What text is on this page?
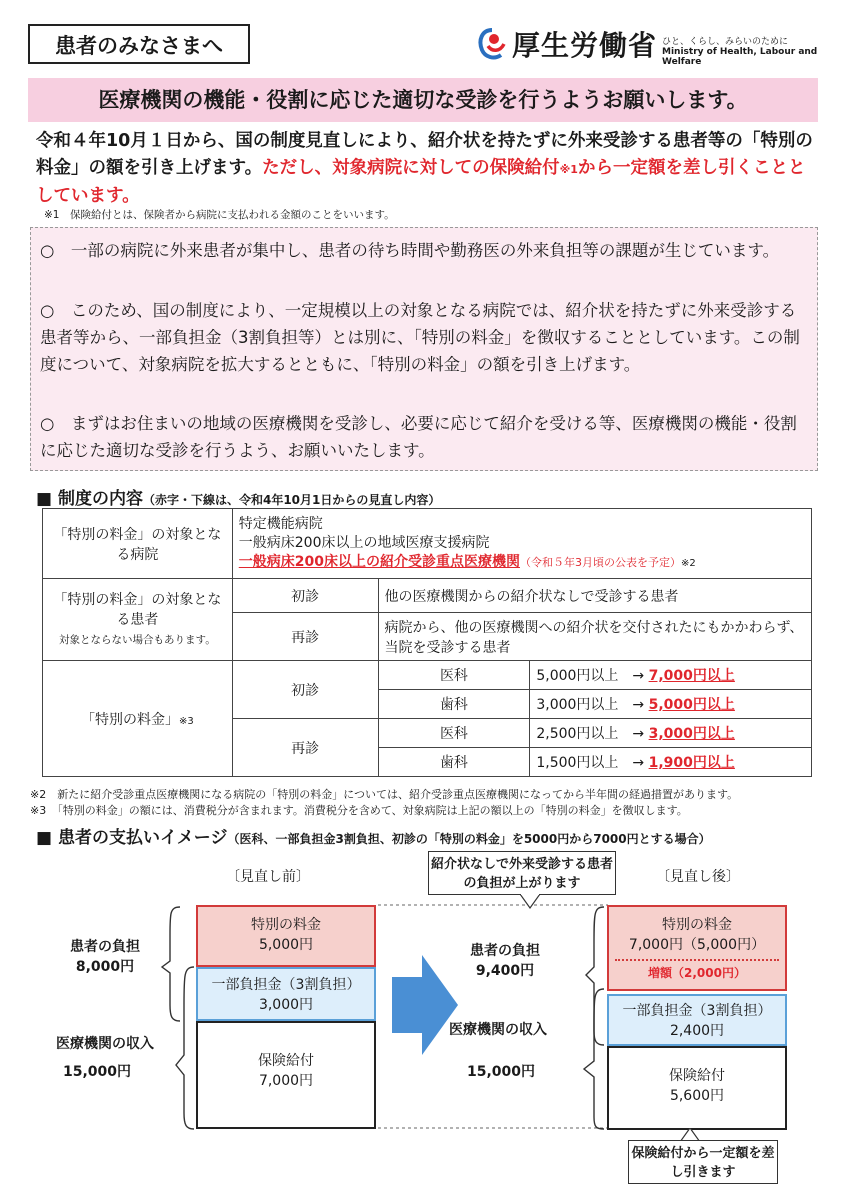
患者のみなさまへ	厚生労働省 ひと、くらし、みらいのために
Ministry of Health, Labour and Welfare
医療機関の機能・役割に応じた適切な受診を行うようお願いします。
令和４年10月１日から、国の制度見直しにより、紹介状を持たずに外来受診する患者等の「特別の料金」の額を引き上げます。ただし、対象病院に対しての保険給付※1から一定額を差し引くこととしています。
※1　保険給付とは、保険者から病院に支払われる金額のことをいいます。
○　一部の病院に外来患者が集中し、患者の待ち時間や勤務医の外来負担等の課題が生じています。
○　このため、国の制度により、一定規模以上の対象となる病院では、紹介状を持たずに外来受診する患者等から、一部負担金（3割負担等）とは別に、「特別の料金」を徴収することとしています。この制度について、対象病院を拡大するとともに、「特別の料金」の額を引き上げます。
○　まずはお住まいの地域の医療機関を受診し、必要に応じて紹介を受ける等、医療機関の機能・役割に応じた適切な受診を行うよう、お願いいたします。
■ 制度の内容（赤字・下線は、令和4年10月1日からの見直し内容）
「特別の料金」の対象となる病院	特定機能病院
一般病床200床以上の地域医療支援病院
一般病床200床以上の紹介受診重点医療機関（令和５年3月頃の公表を予定）※2		

「特別の料金」の対象となる患者
対象とならない場合もあります。	初診	他の医療機関からの紹介状なしで受診する患者	
	再診	病院から、他の医療機関への紹介状を交付されたにもかかわらず、当院を受診する患者	
「特別の料金」※3	初診	医科	5,000円以上　→ 7,000円以上
		歯科	3,000円以上　→ 5,000円以上
	再診	医科	2,500円以上　→ 3,000円以上
		歯科	1,500円以上　→ 1,900円以上
※2　新たに紹介受診重点医療機関になる病院の「特別の料金」については、紹介受診重点医療機関になってから半年間の経過措置があります。
※3　「特別の料金」の額には、消費税分が含まれます。消費税分を含めて、対象病院は上記の額以上の「特別の料金」を徴収します。
■ 患者の支払いイメージ（医科、一部負担金3割負担、初診の「特別の料金」を5000円から7000円とする場合）
〔見直し前〕
特別の料金
5,000円
一部負担金（3割負担）
3,000円
保険給付
7,000円
患者の負担
8,000円
医療機関の収入
15,000円
紹介状なしで外来受診する患者の負担が上がります	〔見直し後〕
特別の料金
7,000円（5,000円）
増額（2,000円）
一部負担金（3割負担）
2,400円
保険給付
5,600円
患者の負担
9,400円
医療機関の収入
15,000円
保険給付から一定額を差し引きます
